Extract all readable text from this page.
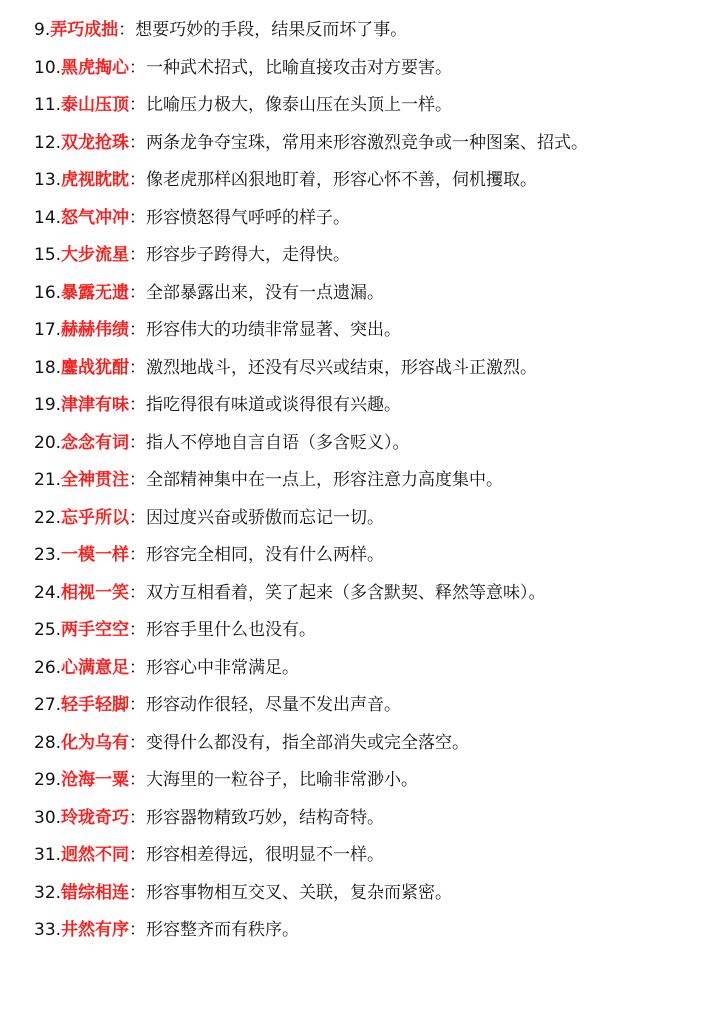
9.弄巧成拙：想要巧妙的手段，结果反而坏了事。
10.黑虎掏心：一种武术招式，比喻直接攻击对方要害。
11.泰山压顶：比喻压力极大，像泰山压在头顶上一样。
12.双龙抢珠：两条龙争夺宝珠，常用来形容激烈竞争或一种图案、招式。
13.虎视眈眈：像老虎那样凶狠地盯着，形容心怀不善，伺机攫取。
14.怒气冲冲：形容愤怒得气呼呼的样子。
15.大步流星：形容步子跨得大，走得快。
16.暴露无遗：全部暴露出来，没有一点遗漏。
17.赫赫伟绩：形容伟大的功绩非常显著、突出。
18.鏖战犹酣：激烈地战斗，还没有尽兴或结束，形容战斗正激烈。
19.津津有味：指吃得很有味道或谈得很有兴趣。
20.念念有词：指人不停地自言自语（多含贬义）。
21.全神贯注：全部精神集中在一点上，形容注意力高度集中。
22.忘乎所以：因过度兴奋或骄傲而忘记一切。
23.一模一样：形容完全相同，没有什么两样。
24.相视一笑：双方互相看着，笑了起来（多含默契、释然等意味）。
25.两手空空：形容手里什么也没有。
26.心满意足：形容心中非常满足。
27.轻手轻脚：形容动作很轻，尽量不发出声音。
28.化为乌有：变得什么都没有，指全部消失或完全落空。
29.沧海一粟：大海里的一粒谷子，比喻非常渺小。
30.玲珑奇巧：形容器物精致巧妙，结构奇特。
31.迥然不同：形容相差得远，很明显不一样。
32.错综相连：形容事物相互交叉、关联，复杂而紧密。
33.井然有序：形容整齐而有秩序。
